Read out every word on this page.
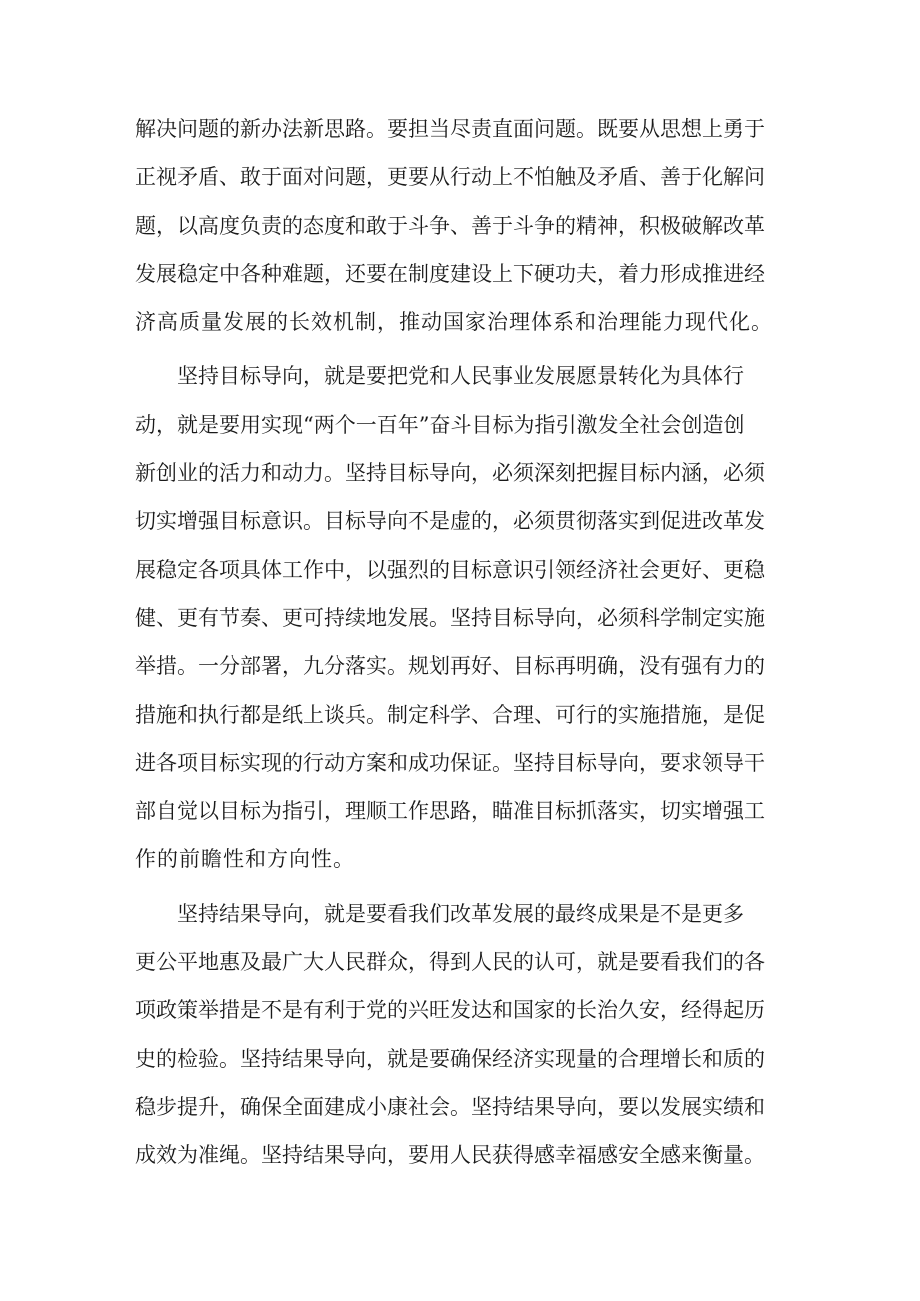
解决问题的新办法新思路。要担当尽责直面问题。既要从思想上勇于
正视矛盾、敢于面对问题，更要从行动上不怕触及矛盾、善于化解问
题，以高度负责的态度和敢于斗争、善于斗争的精神，积极破解改革
发展稳定中各种难题，还要在制度建设上下硬功夫，着力形成推进经
济高质量发展的长效机制，推动国家治理体系和治理能力现代化。

坚持目标导向，就是要把党和人民事业发展愿景转化为具体行
动，就是要用实现“两个一百年”奋斗目标为指引激发全社会创造创
新创业的活力和动力。坚持目标导向，必须深刻把握目标内涵，必须
切实增强目标意识。目标导向不是虚的，必须贯彻落实到促进改革发
展稳定各项具体工作中，以强烈的目标意识引领经济社会更好、更稳
健、更有节奏、更可持续地发展。坚持目标导向，必须科学制定实施
举措。一分部署，九分落实。规划再好、目标再明确，没有强有力的
措施和执行都是纸上谈兵。制定科学、合理、可行的实施措施，是促
进各项目标实现的行动方案和成功保证。坚持目标导向，要求领导干
部自觉以目标为指引，理顺工作思路，瞄准目标抓落实，切实增强工
作的前瞻性和方向性。

坚持结果导向，就是要看我们改革发展的最终成果是不是更多
更公平地惠及最广大人民群众，得到人民的认可，就是要看我们的各
项政策举措是不是有利于党的兴旺发达和国家的长治久安，经得起历
史的检验。坚持结果导向，就是要确保经济实现量的合理增长和质的
稳步提升，确保全面建成小康社会。坚持结果导向，要以发展实绩和
成效为准绳。坚持结果导向，要用人民获得感幸福感安全感来衡量。
